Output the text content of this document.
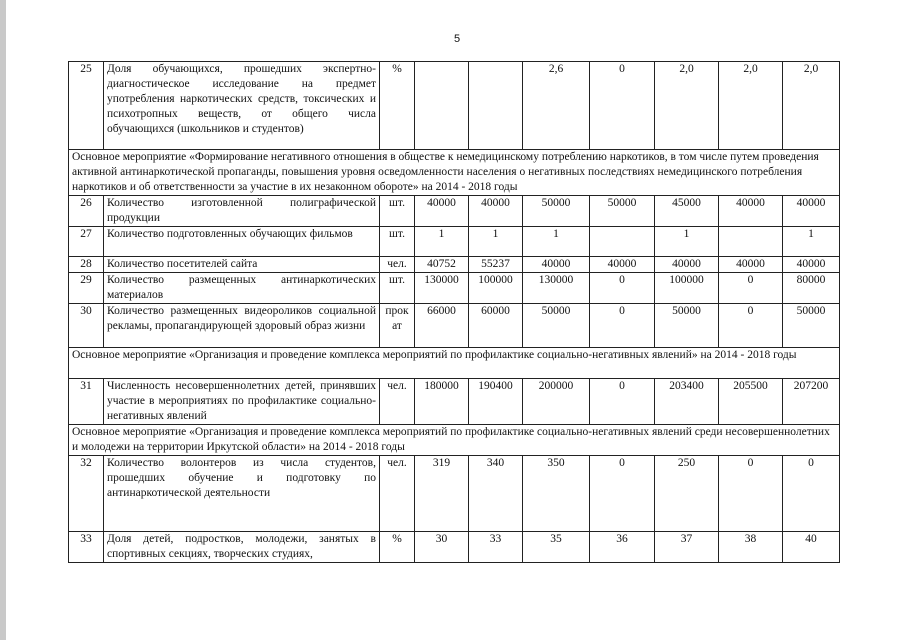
5
25	Доля обучающихся, прошедших экспертно-диагностическое исследование на предмет употребления наркотических средств, токсических и психотропных веществ, от общего числа обучающихся (школьников и студентов)	%			2,6	0	2,0	2,0	2,0
Основное мероприятие «Формирование негативного отношения в обществе к немедицинскому потреблению наркотиков, в том числе путем проведения активной антинаркотической пропаганды, повышения уровня осведомленности населения о негативных последствиях немедицинского потребления наркотиков и об ответственности за участие в их незаконном обороте» на 2014 - 2018 годы									
26	Количество изготовленной полиграфической продукции	шт.	40000	40000	50000	50000	45000	40000	40000
27	Количество подготовленных обучающих фильмов	шт.	1	1	1		1		1
28	Количество посетителей сайта	чел.	40752	55237	40000	40000	40000	40000	40000
29	Количество размещенных антинаркотических материалов	шт.	130000	100000	130000	0	100000	0	80000
30	Количество размещенных видеороликов социальной рекламы, пропагандирующей здоровый образ жизни	прок ат	66000	60000	50000	0	50000	0	50000
Основное мероприятие «Организация и проведение комплекса мероприятий по профилактике социально-негативных явлений» на 2014 - 2018 годы									
31	Численность несовершеннолетних детей, принявших участие в мероприятиях по профилактике социально-негативных явлений	чел.	180000	190400	200000	0	203400	205500	207200
Основное мероприятие «Организация и проведение комплекса мероприятий по профилактике социально-негативных явлений среди несовершеннолетних и молодежи на территории Иркутской области» на 2014 - 2018 годы									
32	Количество волонтеров из числа студентов, прошедших обучение и подготовку по антинаркотической деятельности	чел.	319	340	350	0	250	0	0
33	Доля детей, подростков, молодежи, занятых в спортивных секциях, творческих студиях,	%	30	33	35	36	37	38	40
